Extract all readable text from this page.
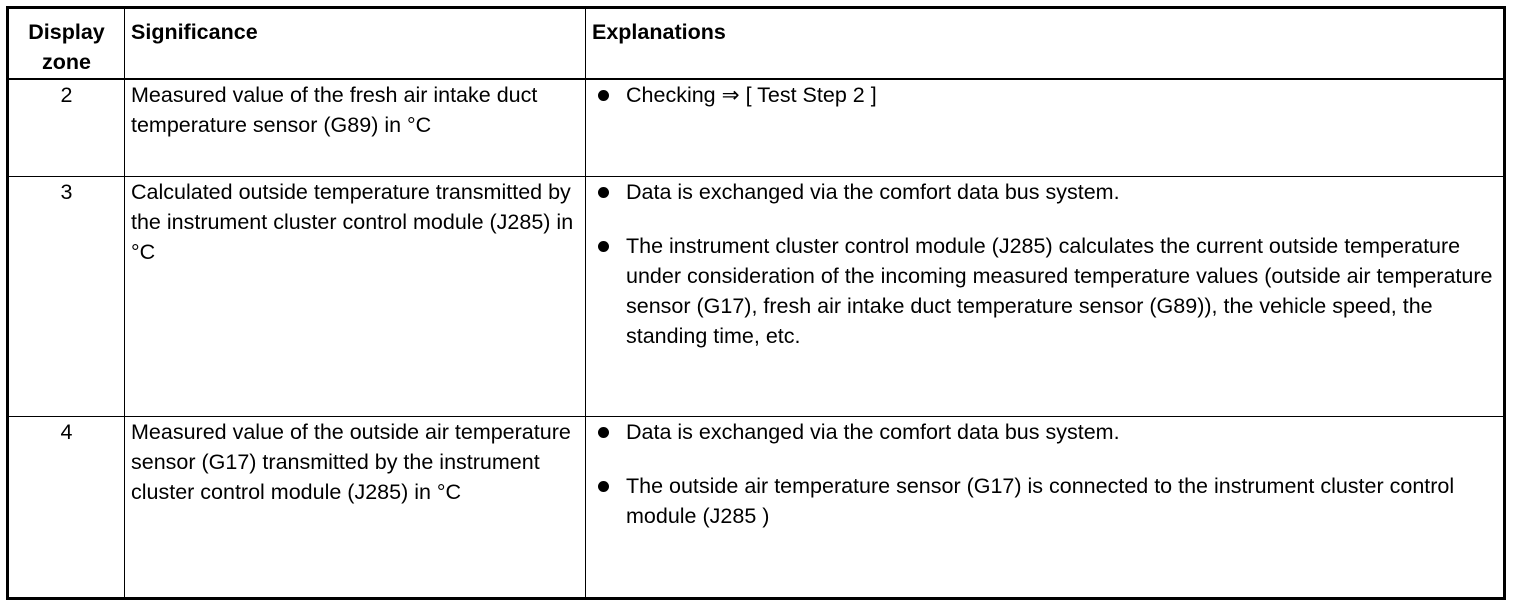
Display zone	Significance	Explanations
2	Measured value of the fresh air intake duct temperature sensor (G89) in °C	Checking ⇒ [ Test Step 2 ]

3	Calculated outside temperature transmitted by the instrument cluster control module (J285) in °C	Data is exchanged via the comfort data bus system.
The instrument cluster control module (J285) calculates the current outside temperature under consideration of the incoming measured temperature values (outside air temperature sensor (G17), fresh air intake duct temperature sensor (G89)), the vehicle speed, the standing time, etc.

4	Measured value of the outside air temperature sensor (G17) transmitted by the instrument cluster control module (J285) in °C	Data is exchanged via the comfort data bus system.
The outside air temperature sensor (G17) is connected to the instrument cluster control module (J285 )
